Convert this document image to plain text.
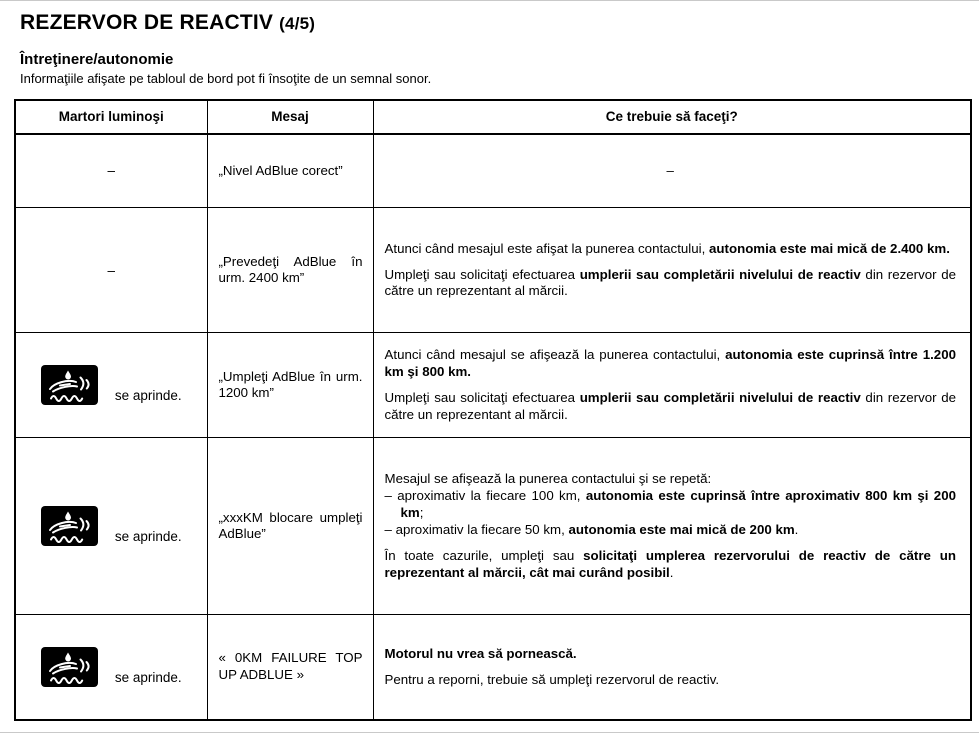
REZERVOR DE REACTIV (4/5)
Întreţinere/autonomie
Informaţiile afişate pe tabloul de bord pot fi însoţite de un semnal sonor.
Martori luminoşi	Mesaj	Ce trebuie să faceţi?
–	„Nivel AdBlue corect”	–

–	„Prevedeţi AdBlue în urm. 2400 km”	Atunci când mesajul este afişat la punerea contactului, autonomia este mai mică de 2.400 km.
Umpleţi sau solicitaţi efectuarea umplerii sau completării nivelului de reactiv din rezervor de către un reprezentant al mărcii.

se aprinde.	„Umpleţi AdBlue în urm. 1200 km”	Atunci când mesajul se afişează la punerea contactului, autonomia este cuprinsă între 1.200 km şi 800 km.
Umpleţi sau solicitaţi efectuarea umplerii sau completării nivelului de reactiv din rezervor de către un reprezentant al mărcii.

se aprinde.	„xxxKM blocare umpleţi AdBlue”	Mesajul se afişează la punerea contactului şi se repetă:
– aproximativ la fiecare 100 km, autonomia este cuprinsă între aproximativ 800 km şi 200 km;
– aproximativ la fiecare 50 km, autonomia este mai mică de 200 km.
În toate cazurile, umpleţi sau solicitaţi umplerea rezervorului de reactiv de către un reprezentant al mărcii, cât mai curând posibil.

se aprinde.	« 0KM FAILURE TOP UP ADBLUE »	Motorul nu vrea să pornească.
Pentru a reporni, trebuie să umpleţi rezervorul de reactiv.
